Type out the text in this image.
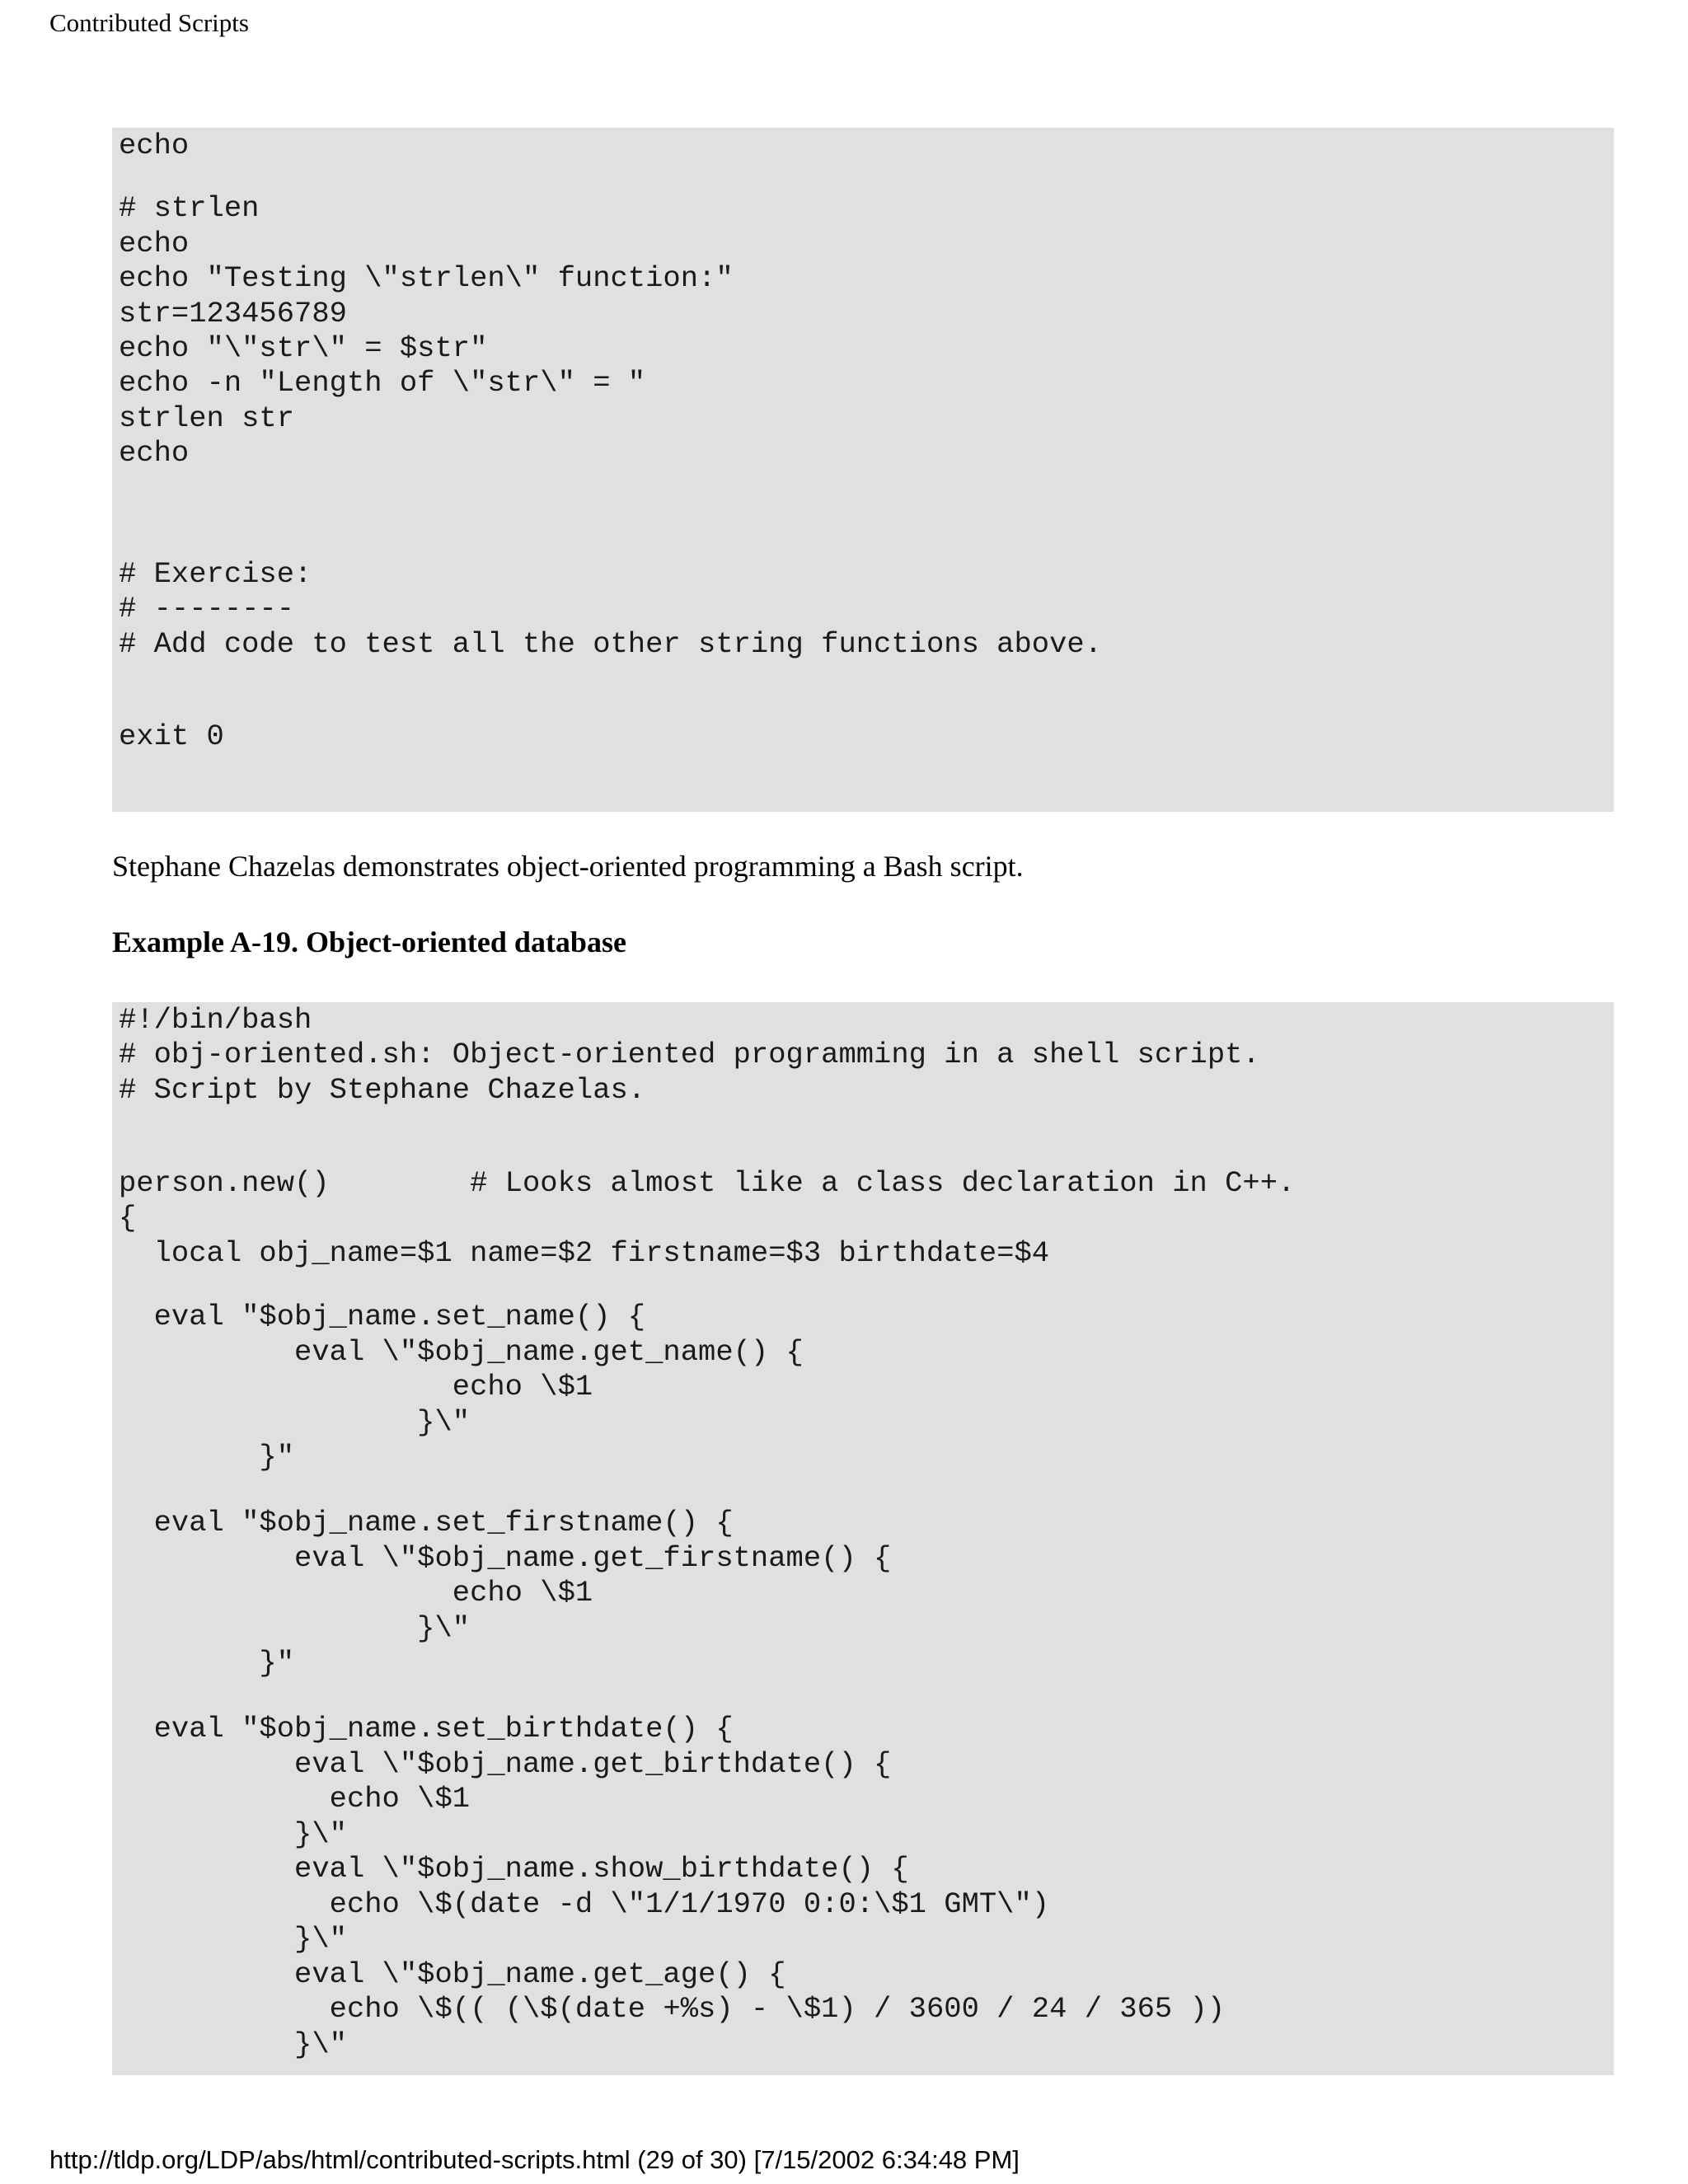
Contributed Scripts
echo
# strlen
echo
echo "Testing \"strlen\" function:"
str=123456789
echo "\"str\" = $str"
echo -n "Length of \"str\" = "
strlen str
echo
# Exercise:
# --------
# Add code to test all the other string functions above.
exit 0
Stephane Chazelas demonstrates object-oriented programming a Bash script.
Example A-19. Object-oriented database
#!/bin/bash
# obj-oriented.sh: Object-oriented programming in a shell script.
# Script by Stephane Chazelas.
person.new()        # Looks almost like a class declaration in C++.
{
local obj_name=$1 name=$2 firstname=$3 birthdate=$4
eval "$obj_name.set_name() {
eval \"$obj_name.get_name() {
echo \$1
}\"
}"
eval "$obj_name.set_firstname() {
eval \"$obj_name.get_firstname() {
echo \$1
}\"
}"
eval "$obj_name.set_birthdate() {
eval \"$obj_name.get_birthdate() {
echo \$1
}\"
eval \"$obj_name.show_birthdate() {
echo \$(date -d \"1/1/1970 0:0:\$1 GMT\")
}\"
eval \"$obj_name.get_age() {
echo \$(( (\$(date +%s) - \$1) / 3600 / 24 / 365 ))
}\"
http://tldp.org/LDP/abs/html/contributed-scripts.html (29 of 30) [7/15/2002 6:34:48 PM]
